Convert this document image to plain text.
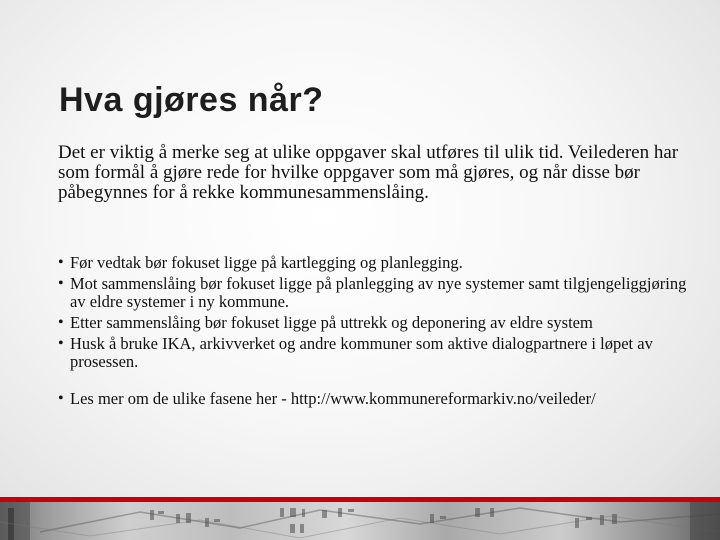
Hva gjøres når?

Det er viktig å merke seg at ulike oppgaver skal utføres til ulik tid. Veilederen har som formål å gjøre rede for hvilke oppgaver som må gjøres, og når disse bør påbegynnes for å rekke kommunesammenslåing.

• Før vedtak bør fokuset ligge på kartlegging og planlegging.
• Mot sammenslåing bør fokuset ligge på planlegging av nye systemer samt tilgjengeliggjøring av eldre systemer i ny kommune.
• Etter sammenslåing bør fokuset ligge på uttrekk og deponering av eldre system
• Husk å bruke IKA, arkivverket og andre kommuner som aktive dialogpartnere i løpet av prosessen.
• Les mer om de ulike fasene her - http://www.kommunereformarkiv.no/veileder/
